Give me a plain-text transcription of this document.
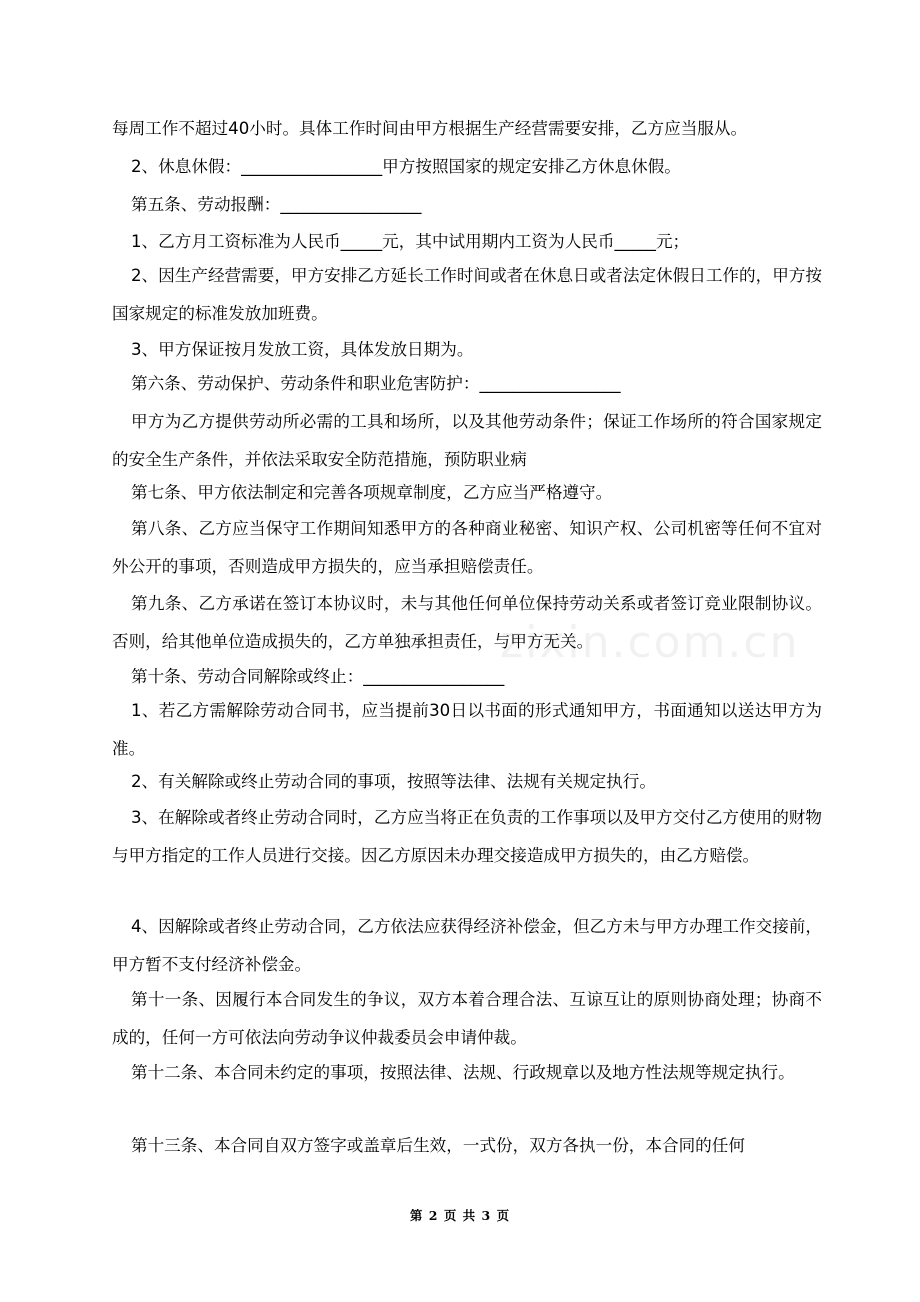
每周工作不超过40小时。具体工作时间由甲方根据生产经营需要安排，乙方应当服从。

2、休息休假：_________________甲方按照国家的规定安排乙方休息休假。

第五条、劳动报酬：_________________

1、乙方月工资标准为人民币_____元，其中试用期内工资为人民币_____元；

2、因生产经营需要，甲方安排乙方延长工作时间或者在休息日或者法定休假日工作的，甲方按国家规定的标准发放加班费。

3、甲方保证按月发放工资，具体发放日期为。

第六条、劳动保护、劳动条件和职业危害防护：_________________

甲方为乙方提供劳动所必需的工具和场所，以及其他劳动条件；保证工作场所的符合国家规定的安全生产条件，并依法采取安全防范措施，预防职业病

第七条、甲方依法制定和完善各项规章制度，乙方应当严格遵守。

第八条、乙方应当保守工作期间知悉甲方的各种商业秘密、知识产权、公司机密等任何不宜对外公开的事项，否则造成甲方损失的，应当承担赔偿责任。

第九条、乙方承诺在签订本协议时，未与其他任何单位保持劳动关系或者签订竞业限制协议。否则，给其他单位造成损失的，乙方单独承担责任，与甲方无关。

第十条、劳动合同解除或终止：_________________

1、若乙方需解除劳动合同书，应当提前30日以书面的形式通知甲方，书面通知以送达甲方为准。

2、有关解除或终止劳动合同的事项，按照等法律、法规有关规定执行。

3、在解除或者终止劳动合同时，乙方应当将正在负责的工作事项以及甲方交付乙方使用的财物与甲方指定的工作人员进行交接。因乙方原因未办理交接造成甲方损失的，由乙方赔偿。

4、因解除或者终止劳动合同，乙方依法应获得经济补偿金，但乙方未与甲方办理工作交接前，甲方暂不支付经济补偿金。

第十一条、因履行本合同发生的争议，双方本着合理合法、互谅互让的原则协商处理；协商不成的，任何一方可依法向劳动争议仲裁委员会申请仲裁。

第十二条、本合同未约定的事项，按照法律、法规、行政规章以及地方性法规等规定执行。

第十三条、本合同自双方签字或盖章后生效，一式份，双方各执一份，本合同的任何

zixin.com.cn
第 2 页 共 3 页
